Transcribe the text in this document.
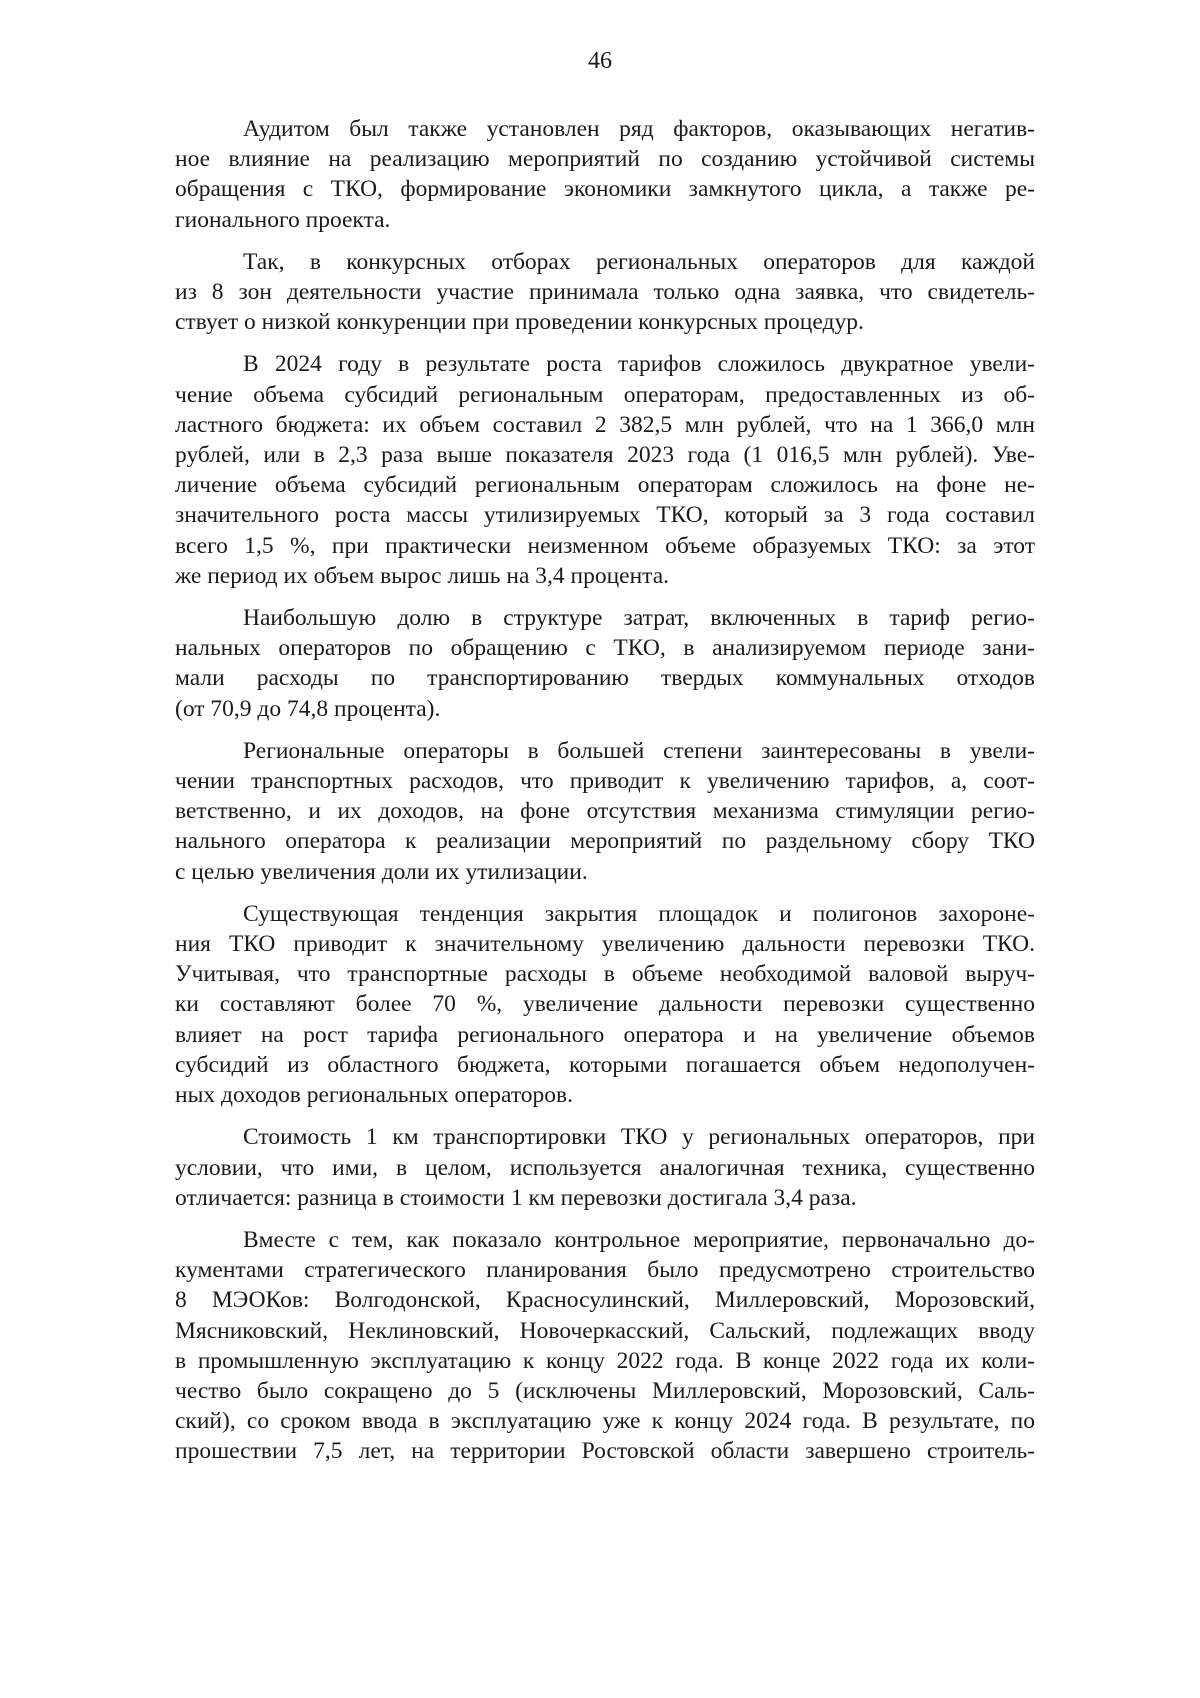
46
Аудитом был также установлен ряд факторов, оказывающих негатив-
ное влияние на реализацию мероприятий по созданию устойчивой системы
обращения с ТКО, формирование экономики замкнутого цикла, а также ре-
гионального проекта.
Так, в конкурсных отборах региональных операторов для каждой
из 8 зон деятельности участие принимала только одна заявка, что свидетель-
ствует о низкой конкуренции при проведении конкурсных процедур.
В 2024 году в результате роста тарифов сложилось двукратное увели-
чение объема субсидий региональным операторам, предоставленных из об-
ластного бюджета: их объем составил 2 382,5 млн рублей, что на 1 366,0 млн
рублей, или в 2,3 раза выше показателя 2023 года (1 016,5 млн рублей). Уве-
личение объема субсидий региональным операторам сложилось на фоне не-
значительного роста массы утилизируемых ТКО, который за 3 года составил
всего 1,5 %, при практически неизменном объеме образуемых ТКО: за этот
же период их объем вырос лишь на 3,4 процента.
Наибольшую долю в структуре затрат, включенных в тариф регио-
нальных операторов по обращению с ТКО, в анализируемом периоде зани-
мали расходы по транспортированию твердых коммунальных отходов
(от 70,9 до 74,8 процента).
Региональные операторы в большей степени заинтересованы в увели-
чении транспортных расходов, что приводит к увеличению тарифов, а, соот-
ветственно, и их доходов, на фоне отсутствия механизма стимуляции регио-
нального оператора к реализации мероприятий по раздельному сбору ТКО
с целью увеличения доли их утилизации.
Существующая тенденция закрытия площадок и полигонов захороне-
ния ТКО приводит к значительному увеличению дальности перевозки ТКО.
Учитывая, что транспортные расходы в объеме необходимой валовой выруч-
ки составляют более 70 %, увеличение дальности перевозки существенно
влияет на рост тарифа регионального оператора и на увеличение объемов
субсидий из областного бюджета, которыми погашается объем недополучен-
ных доходов региональных операторов.
Стоимость 1 км транспортировки ТКО у региональных операторов, при
условии, что ими, в целом, используется аналогичная техника, существенно
отличается: разница в стоимости 1 км перевозки достигала 3,4 раза.
Вместе с тем, как показало контрольное мероприятие, первоначально до-
кументами стратегического планирования было предусмотрено строительство
8 МЭОКов: Волгодонской, Красносулинский, Миллеровский, Морозовский,
Мясниковский, Неклиновский, Новочеркасский, Сальский, подлежащих вводу
в промышленную эксплуатацию к концу 2022 года. В конце 2022 года их коли-
чество было сокращено до 5 (исключены Миллеровский, Морозовский, Саль-
ский), со сроком ввода в эксплуатацию уже к концу 2024 года. В результате, по
прошествии 7,5 лет, на территории Ростовской области завершено строитель-
